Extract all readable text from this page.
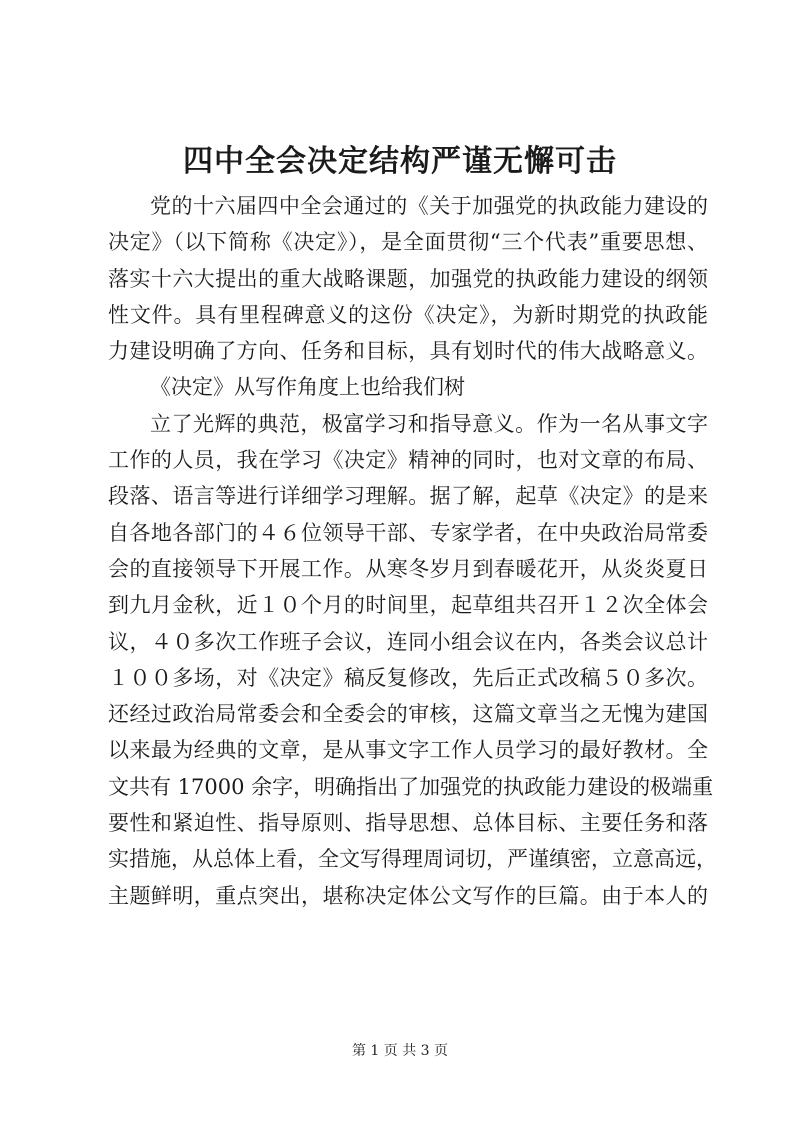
四中全会决定结构严谨无懈可击
党的十六届四中全会通过的《关于加强党的执政能力建设的
决定》（以下简称《决定》），是全面贯彻“三个代表”重要思想、
落实十六大提出的重大战略课题，加强党的执政能力建设的纲领
性文件。具有里程碑意义的这份《决定》，为新时期党的执政能
力建设明确了方向、任务和目标，具有划时代的伟大战略意义。
《决定》从写作角度上也给我们树
立了光辉的典范，极富学习和指导意义。作为一名从事文字
工作的人员，我在学习《决定》精神的同时，也对文章的布局、
段落、语言等进行详细学习理解。据了解，起草《决定》的是来
自各地各部门的４６位领导干部、专家学者，在中央政治局常委
会的直接领导下开展工作。从寒冬岁月到春暖花开，从炎炎夏日
到九月金秋，近１０个月的时间里，起草组共召开１２次全体会
议，４０多次工作班子会议，连同小组会议在内，各类会议总计
１００多场，对《决定》稿反复修改，先后正式改稿５０多次。
还经过政治局常委会和全委会的审核，这篇文章当之无愧为建国
以来最为经典的文章，是从事文字工作人员学习的最好教材。全
文共有 17000 余字，明确指出了加强党的执政能力建设的极端重
要性和紧迫性、指导原则、指导思想、总体目标、主要任务和落
实措施，从总体上看，全文写得理周词切，严谨缜密，立意高远，
主题鲜明，重点突出，堪称决定体公文写作的巨篇。由于本人的
第 1 页 共 3 页
